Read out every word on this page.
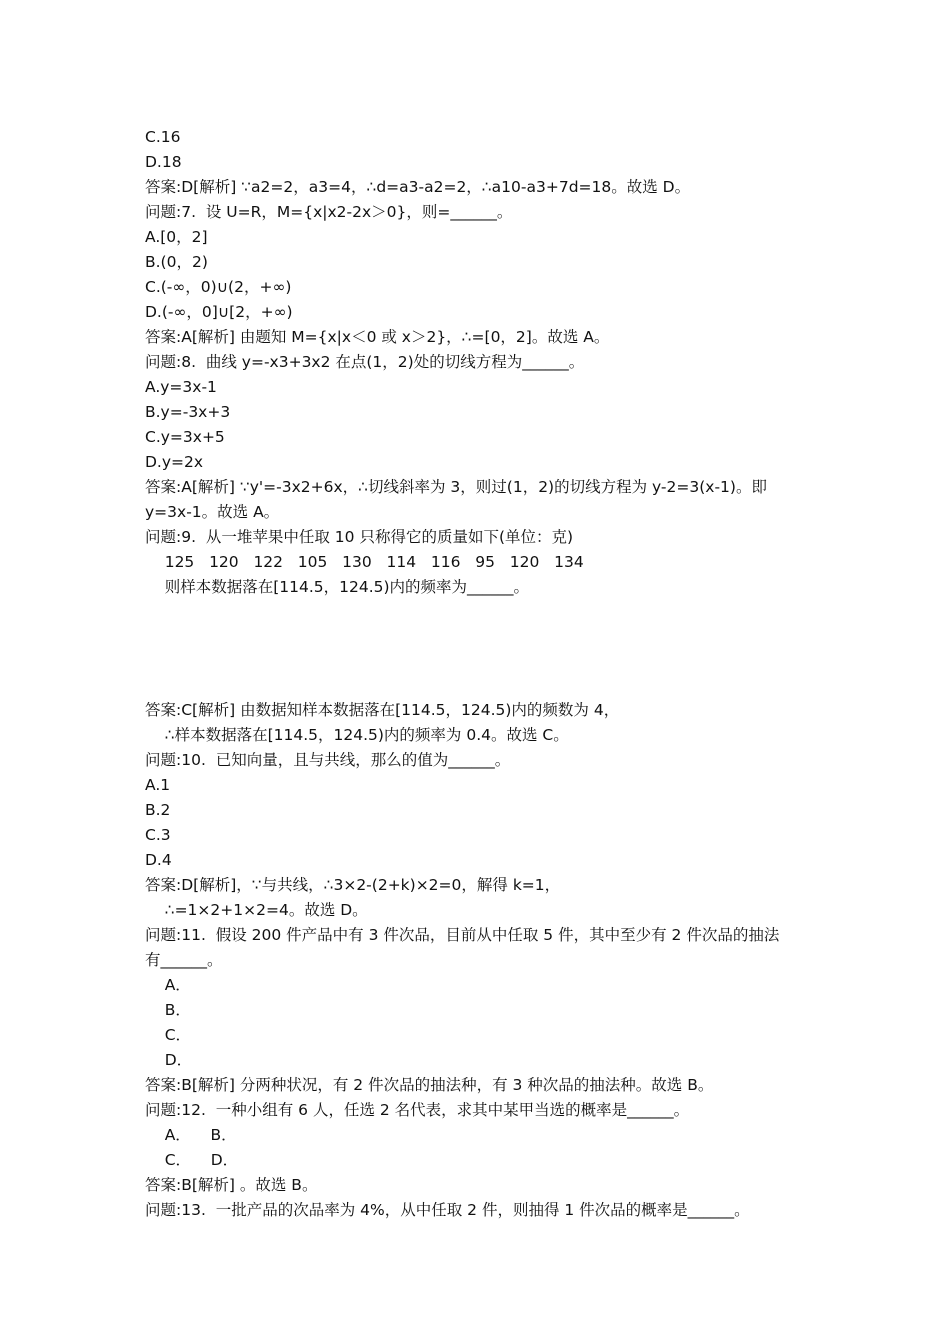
C.16
D.18
答案:D[解析] ∵a2=2，a3=4，∴d=a3-a2=2，∴a10-a3+7d=18。故选 D。
问题:7.  设 U=R，M={x|x2-2x＞0}，则=______。
A.[0，2]
B.(0，2)
C.(-∞，0)∪(2，+∞)
D.(-∞，0]∪[2，+∞)
答案:A[解析] 由题知 M={x|x＜0 或 x＞2}，∴=[0，2]。故选 A。
问题:8.  曲线 y=-x3+3x2 在点(1，2)处的切线方程为______。
A.y=3x-1
B.y=-3x+3
C.y=3x+5
D.y=2x
答案:A[解析] ∵y'=-3x2+6x，∴切线斜率为 3，则过(1，2)的切线方程为 y-2=3(x-1)。即
y=3x-1。故选 A。
问题:9.  从一堆苹果中任取 10 只称得它的质量如下(单位：克)
125   120   122   105   130   114   116   95   120   134
则样本数据落在[114.5，124.5)内的频率为______。
答案:C[解析] 由数据知样本数据落在[114.5，124.5)内的频数为 4，
∴样本数据落在[114.5，124.5)内的频率为 0.4。故选 C。
问题:10.  已知向量，且与共线，那么的值为______。
A.1
B.2
C.3
D.4
答案:D[解析]，∵与共线，∴3×2-(2+k)×2=0，解得 k=1，
∴=1×2+1×2=4。故选 D。
问题:11.  假设 200 件产品中有 3 件次品，目前从中任取 5 件，其中至少有 2 件次品的抽法
有______。
A．
B．
C．
D．
答案:B[解析] 分两种状况，有 2 件次品的抽法种，有 3 种次品的抽法种。故选 B。
问题:12.  一种小组有 6 人，任选 2 名代表，求其中某甲当选的概率是______。
A．    B．
C．    D．
答案:B[解析] 。故选 B。
问题:13.  一批产品的次品率为 4%，从中任取 2 件，则抽得 1 件次品的概率是______。
